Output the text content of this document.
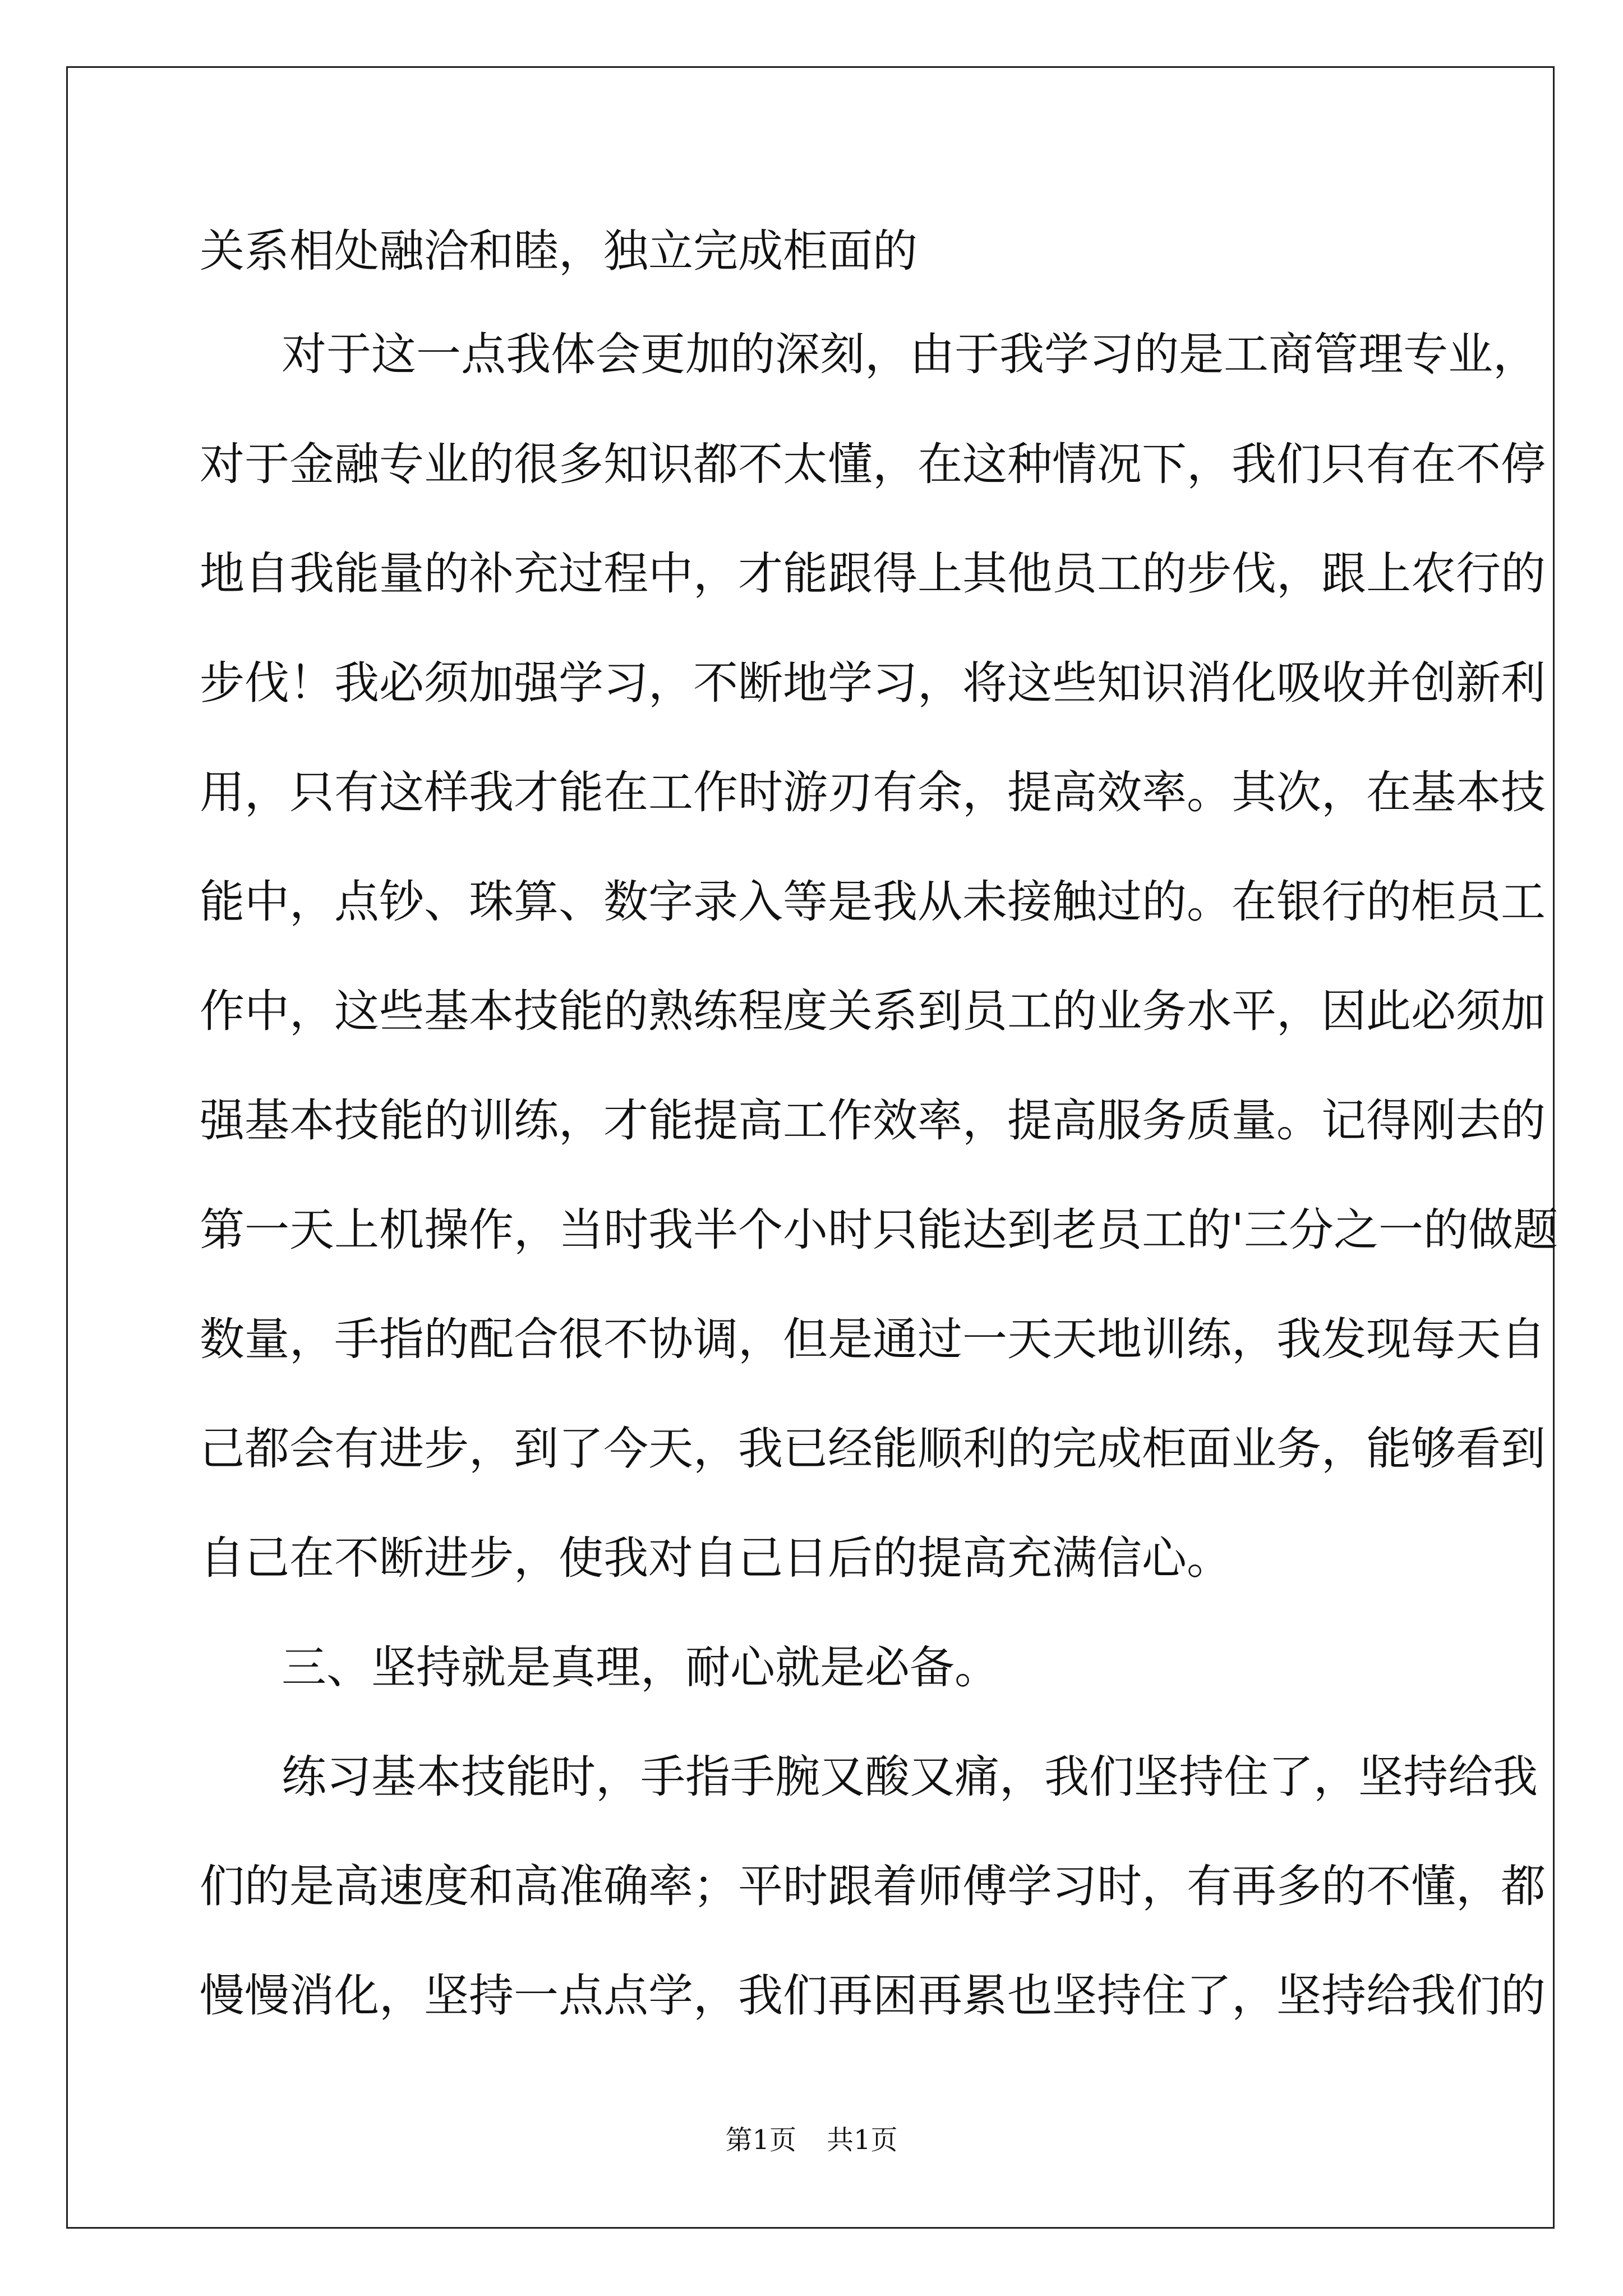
关系相处融洽和睦，独立完成柜面的
对于这一点我体会更加的深刻，由于我学习的是工商管理专业，
对于金融专业的很多知识都不太懂，在这种情况下，我们只有在不停
地自我能量的补充过程中，才能跟得上其他员工的步伐，跟上农行的
步伐！我必须加强学习，不断地学习，将这些知识消化吸收并创新利
用，只有这样我才能在工作时游刃有余，提高效率。其次，在基本技
能中，点钞、珠算、数字录入等是我从未接触过的。在银行的柜员工
作中，这些基本技能的熟练程度关系到员工的业务水平，因此必须加
强基本技能的训练，才能提高工作效率，提高服务质量。记得刚去的
第一天上机操作，当时我半个小时只能达到老员工的'三分之一的做题
数量，手指的配合很不协调，但是通过一天天地训练，我发现每天自
己都会有进步，到了今天，我已经能顺利的完成柜面业务，能够看到
自己在不断进步，使我对自己日后的提高充满信心。
三、坚持就是真理，耐心就是必备。
练习基本技能时，手指手腕又酸又痛，我们坚持住了，坚持给我
们的是高速度和高准确率；平时跟着师傅学习时，有再多的不懂，都
慢慢消化，坚持一点点学，我们再困再累也坚持住了，坚持给我们的
第1页 共1页
